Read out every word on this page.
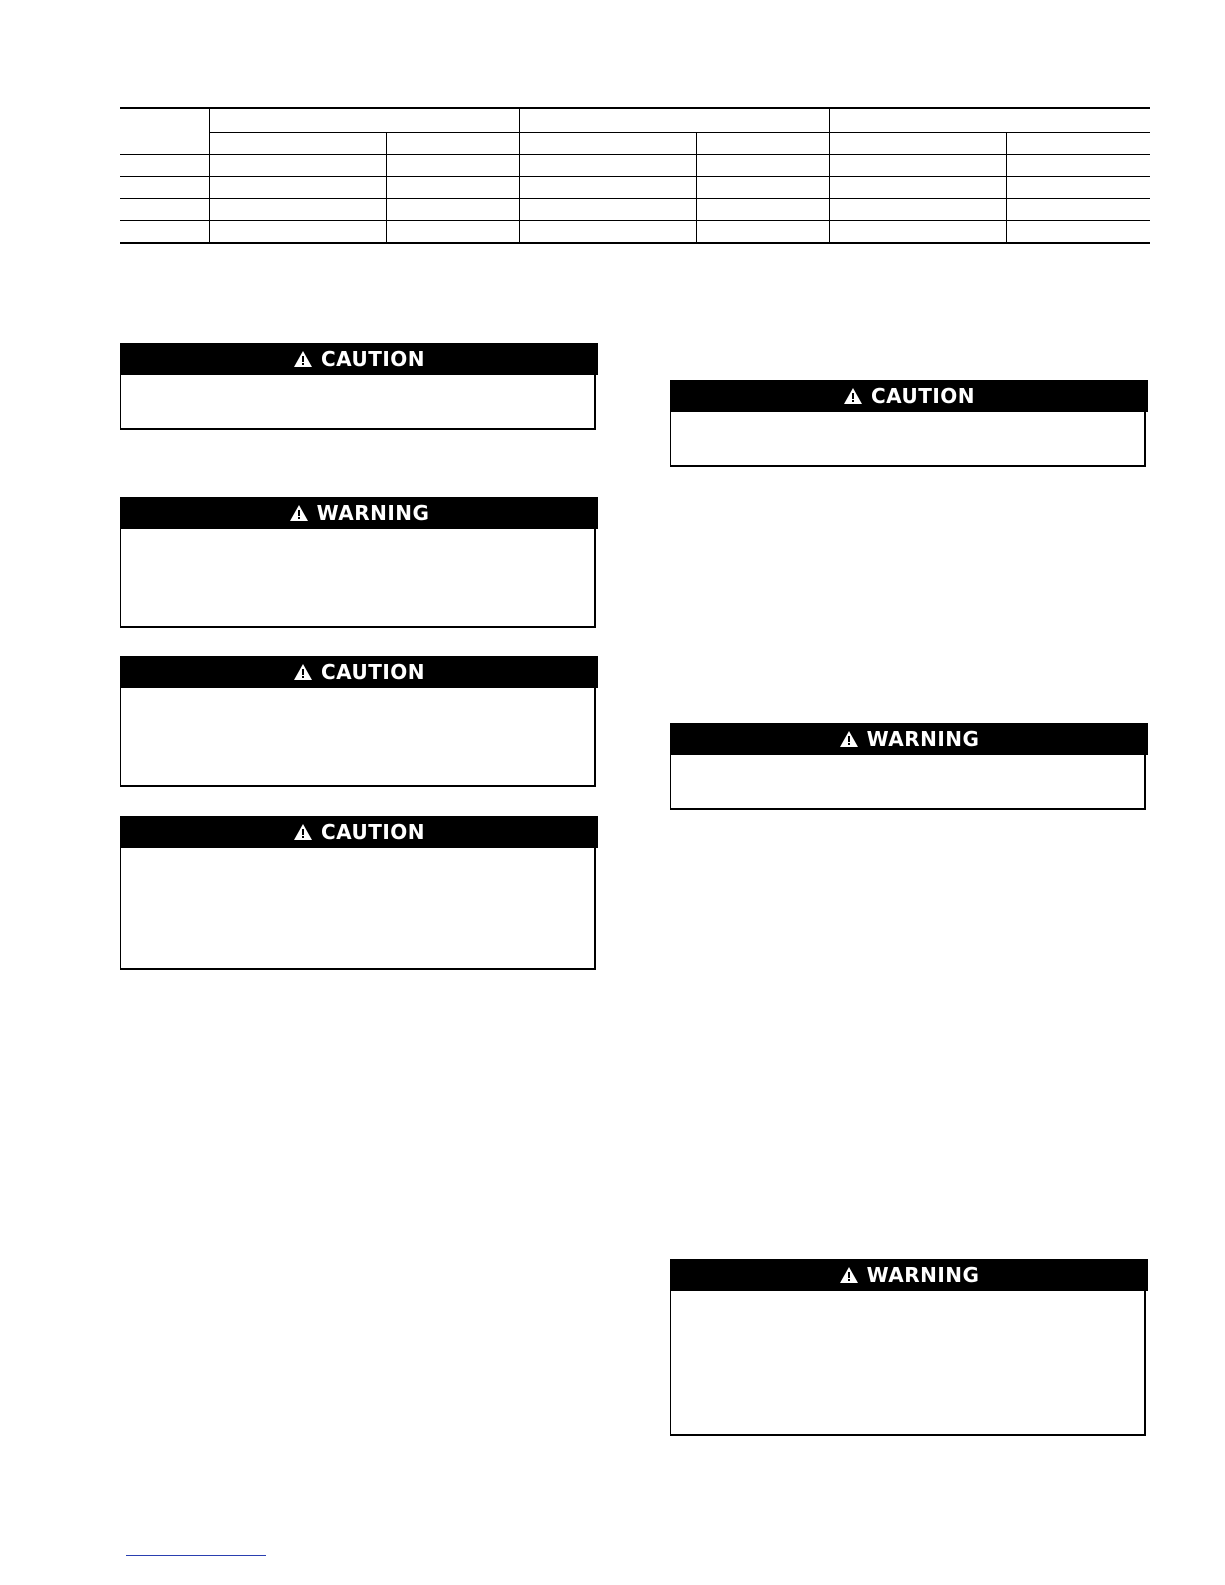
CAUTION
WARNING
CAUTION
CAUTION
CAUTION
WARNING
WARNING
